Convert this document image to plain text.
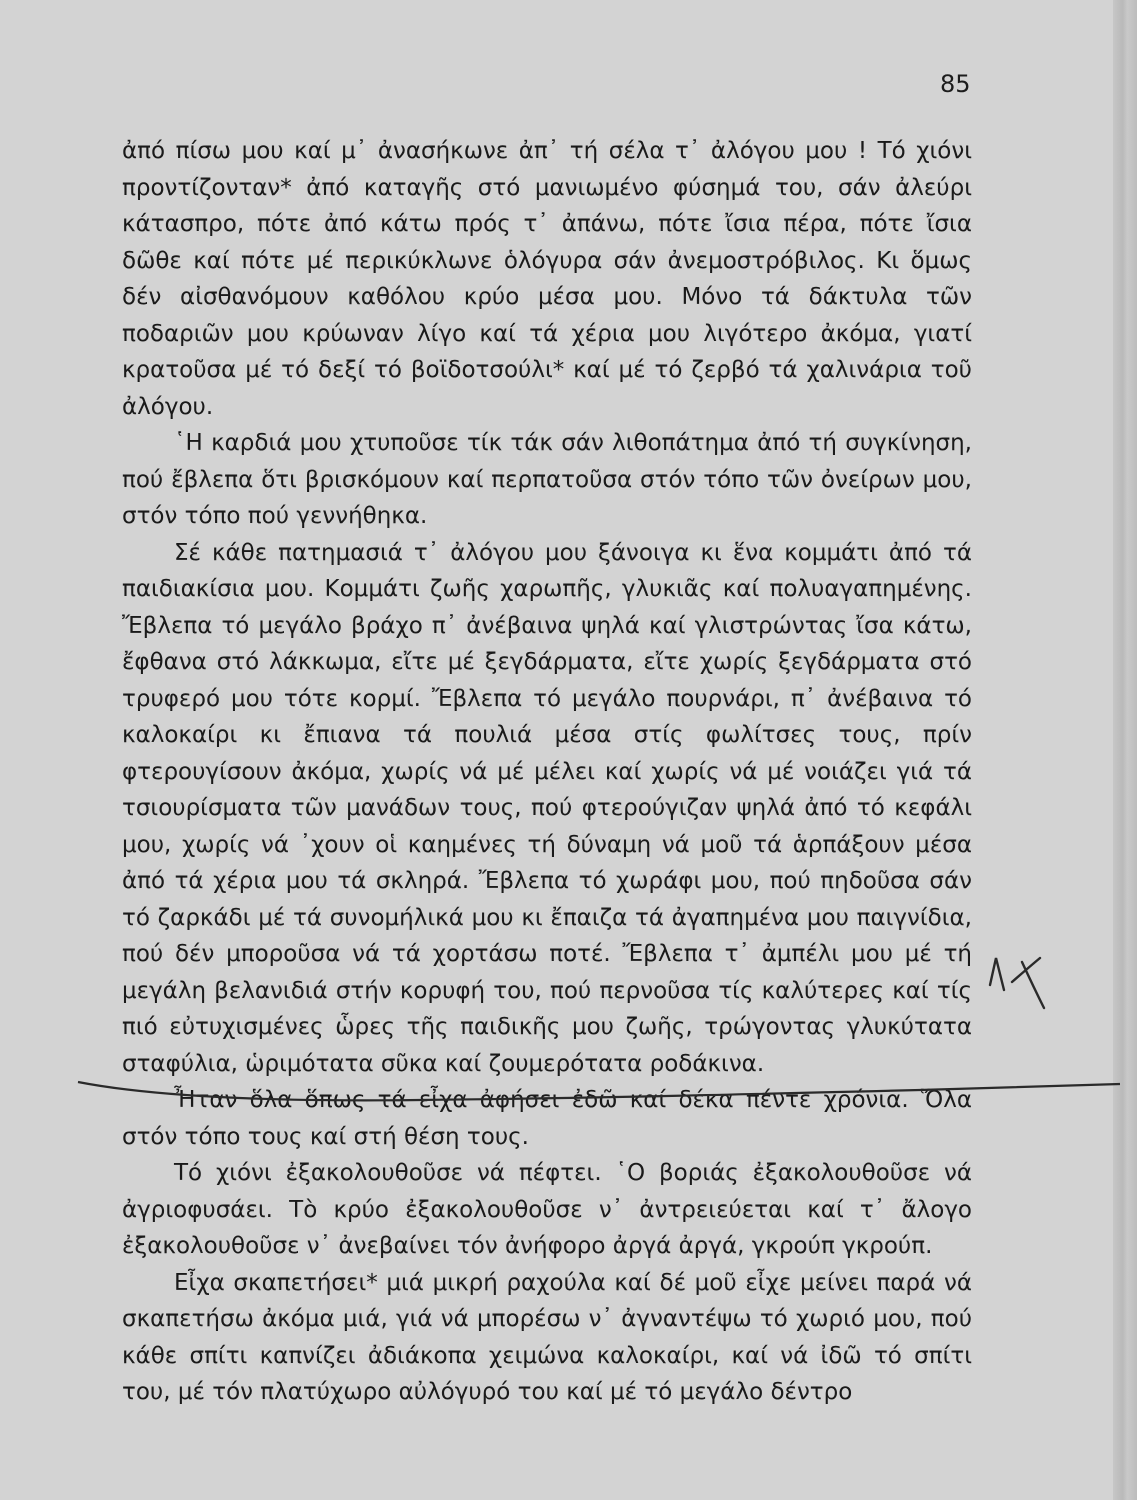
85

ἀπό πίσω μου καί μ᾽ ἀνασήκωνε ἀπ᾽ τή σέλα τ᾽ ἀλόγου μου ! Τό χιόνι προντίζονταν* ἀπό καταγῆς στό μανιωμένο φύσημά του, σάν ἀλεύρι κάτασπρο, πότε ἀπό κάτω πρός τ᾽ ἀπάνω, πότε ἴσια πέρα, πότε ἴσια δῶθε καί πότε μέ περικύκλωνε ὁλόγυρα σάν ἀνεμοστρόβιλος. Κι ὅμως δέν αἰσθανόμουν καθόλου κρύο μέσα μου. Μόνο τά δάκτυλα τῶν ποδαριῶν μου κρύωναν λίγο καί τά χέρια μου λιγότερο ἀκόμα, γιατί κρατοῦσα μέ τό δεξί τό βοϊδοτσούλι* καί μέ τό ζερβό τά χαλινάρια τοῦ ἀλόγου.

῾Η καρδιά μου χτυποῦσε τίκ τάκ σάν λιθοπάτημα ἀπό τή συγκίνηση, πού ἔβλεπα ὅτι βρισκόμουν καί περπατοῦσα στόν τόπο τῶν ὀνείρων μου, στόν τόπο πού γεννήθηκα.

Σέ κάθε πατημασιά τ᾽ ἀλόγου μου ξάνοιγα κι ἕνα κομμάτι ἀπό τά παιδιακίσια μου. Κομμάτι ζωῆς χαρωπῆς, γλυκιᾶς καί πολυαγαπημένης. Ἔβλεπα τό μεγάλο βράχο π᾽ ἀνέβαινα ψηλά καί γλιστρώντας ἴσα κάτω, ἔφθανα στό λάκκωμα, εἴτε μέ ξεγδάρματα, εἴτε χωρίς ξεγδάρματα στό τρυφερό μου τότε κορμί. Ἔβλεπα τό μεγάλο πουρνάρι, π᾽ ἀνέβαινα τό καλοκαίρι κι ἔπιανα τά πουλιά μέσα στίς φωλίτσες τους, πρίν φτερουγίσουν ἀκόμα, χωρίς νά μέ μέλει καί χωρίς νά μέ νοιάζει γιά τά τσιουρίσματα τῶν μανάδων τους, πού φτερούγιζαν ψηλά ἀπό τό κεφάλι μου, χωρίς νά ᾽χουν οἱ καημένες τή δύναμη νά μοῦ τά ἁρπάξουν μέσα ἀπό τά χέρια μου τά σκληρά. Ἔβλεπα τό χωράφι μου, πού πηδοῦσα σάν τό ζαρκάδι μέ τά συνομήλικά μου κι ἔπαιζα τά ἀγαπημένα μου παιγνίδια, πού δέν μποροῦσα νά τά χορτάσω ποτέ. Ἔβλεπα τ᾽ ἀμπέλι μου μέ τή μεγάλη βελανιδιά στήν κορυφή του, πού περνοῦσα τίς καλύτερες καί τίς πιό εὐτυχισμένες ὧρες τῆς παιδικῆς μου ζωῆς, τρώγοντας γλυκύτατα σταφύλια, ὡριμότατα σῦκα καί ζουμερότατα ροδάκινα.

Ἦταν ὅλα ὅπως τά εἶχα ἀφήσει ἐδῶ καί δέκα πέντε χρόνια. Ὅλα στόν τόπο τους καί στή θέση τους.

Τό χιόνι ἐξακολουθοῦσε νά πέφτει. ῾Ο βοριάς ἐξακολουθοῦσε νά ἀγριοφυσάει. Τὸ κρύο ἐξακολουθοῦσε ν᾽ ἀντρειεύεται καί τ᾽ ἄλογο ἐξακολουθοῦσε ν᾽ ἀνεβαίνει τόν ἀνήφορο ἀργά ἀργά, γκρούπ γκρούπ.

Εἶχα σκαπετήσει* μιά μικρή ραχούλα καί δέ μοῦ εἶχε μείνει παρά νά σκαπετήσω ἀκόμα μιά, γιά νά μπορέσω ν᾽ ἀγναντέψω τό χωριό μου, πού κάθε σπίτι καπνίζει ἀδιάκοπα χειμώνα καλοκαίρι, καί νά ἰδῶ τό σπίτι του, μέ τόν πλατύχωρο αὐλόγυρό του καί μέ τό μεγάλο δέντρο
